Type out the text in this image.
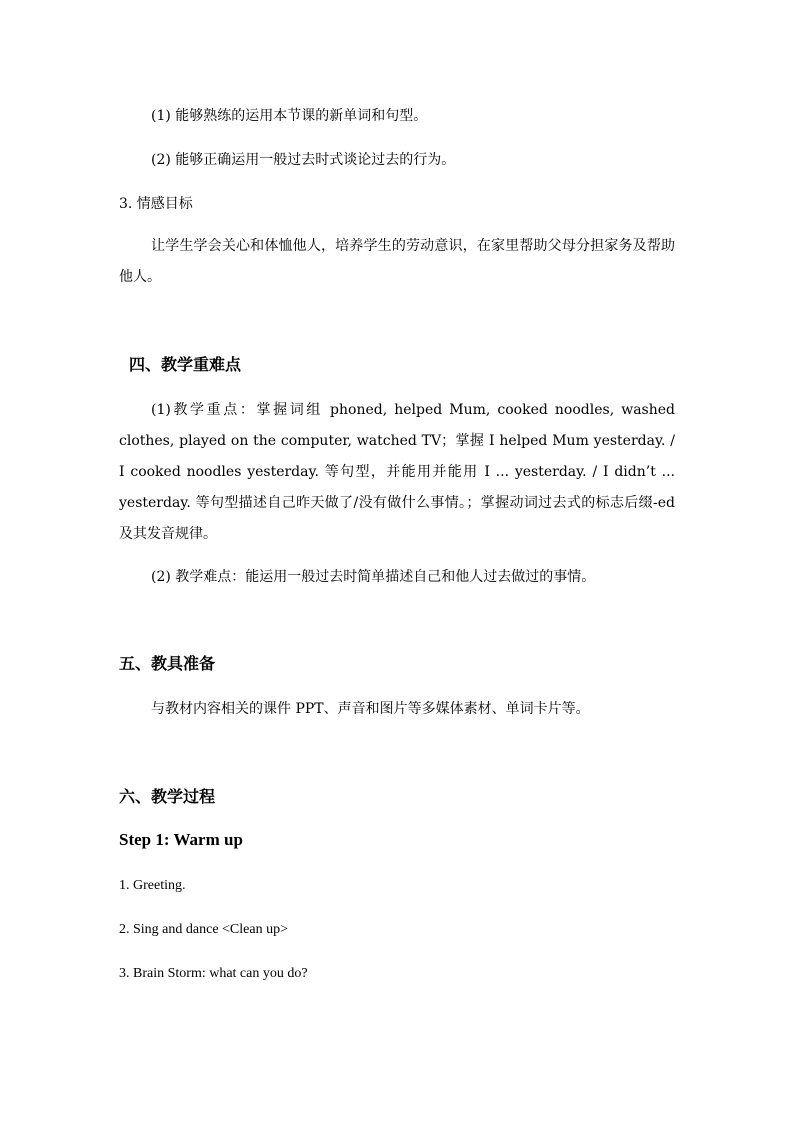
(1) 能够熟练的运用本节课的新单词和句型。
(2) 能够正确运用一般过去时式谈论过去的行为。
3. 情感目标
让学生学会关心和体恤他人，培养学生的劳动意识，在家里帮助父母分担家务及帮助他人。
四、教学重难点
(1)教学重点：掌握词组 phoned, helped Mum, cooked noodles, washed clothes, played on the computer, watched TV；掌握 I helped Mum yesterday. / I cooked noodles yesterday. 等句型，并能用并能用 I ... yesterday. / I didn’t ... yesterday. 等句型描述自己昨天做了/没有做什么事情。；掌握动词过去式的标志后缀-ed 及其发音规律。
(2) 教学难点：能运用一般过去时简单描述自己和他人过去做过的事情。
五、教具准备
与教材内容相关的课件 PPT、声音和图片等多媒体素材、单词卡片等。
六、教学过程
Step 1: Warm up
1. Greeting.
2. Sing and dance <Clean up>
3. Brain Storm: what can you do?
